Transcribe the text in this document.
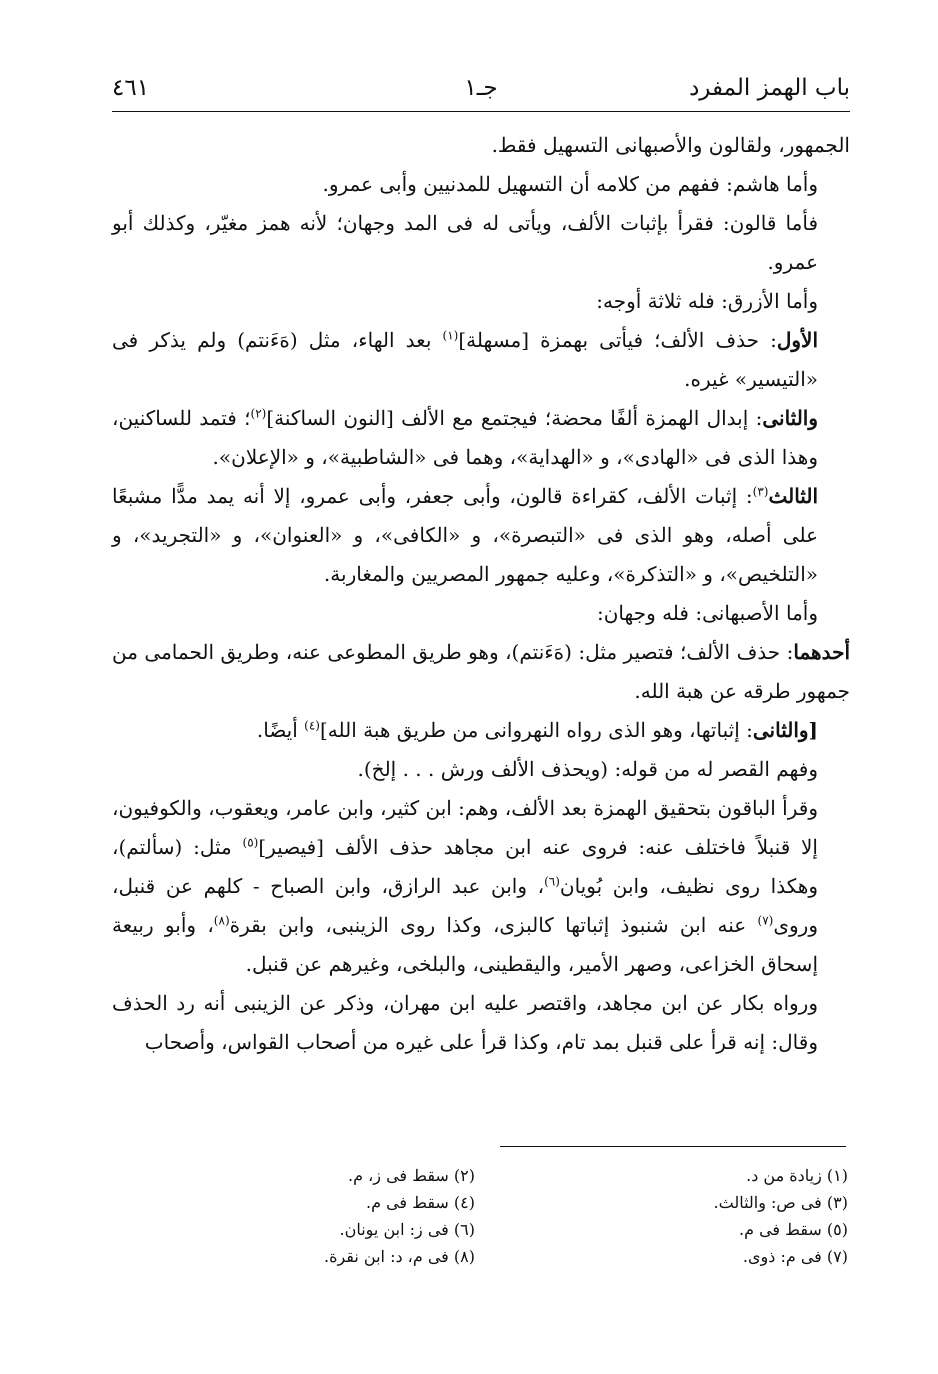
باب الهمز المفرد
جـ١
٤٦١

الجمهور، ولقالون والأصبهانى التسهيل فقط.

وأما هاشم: ففهم من كلامه أن التسهيل للمدنيين وأبى عمرو.

فأما قالون: فقرأ بإثبات الألف، ويأتى له فى المد وجهان؛ لأنه همز مغيّر، وكذلك أبو عمرو.

وأما الأزرق: فله ثلاثة أوجه:

الأول: حذف الألف؛ فيأتى بهمزة [مسهلة]$^{(١)}$ بعد الهاء، مثل (هَءَنتم) ولم يذكر فى «التيسير» غيره.

والثانى: إبدال الهمزة ألفًا محضة؛ فيجتمع مع الألف [النون الساكنة]$^{(٢)}$؛ فتمد للساكنين، وهذا الذى فى «الهادى»، و «الهداية»، وهما فى «الشاطبية»، و «الإعلان».

الثالث$^{(٣)}$: إثبات الألف، كقراءة قالون، وأبى جعفر، وأبى عمرو، إلا أنه يمد مدًّا مشبعًا على أصله، وهو الذى فى «التبصرة»، و «الكافى»، و «العنوان»، و «التجريد»، و «التلخيص»، و «التذكرة»، وعليه جمهور المصريين والمغاربة.

وأما الأصبهانى: فله وجهان:

أحدهما: حذف الألف؛ فتصير مثل: (هَءَنتم)، وهو طريق المطوعى عنه، وطريق الحمامى من جمهور طرقه عن هبة الله.

[والثانى: إثباتها، وهو الذى رواه النهروانى من طريق هبة الله]$^{(٤)}$ أيضًا.

وفهم القصر له من قوله: (ويحذف الألف ورش . . . إلخ).

وقرأ الباقون بتحقيق الهمزة بعد الألف، وهم: ابن كثير، وابن عامر، ويعقوب، والكوفيون، إلا قنبلاً فاختلف عنه: فروى عنه ابن مجاهد حذف الألف [فيصير]$^{(٥)}$ مثل: (سألتم)، وهكذا روى نظيف، وابن بُويان$^{(٦)}$، وابن عبد الرازق، وابن الصباح - كلهم عن قنبل، وروى$^{(٧)}$ عنه ابن شنبوذ إثباتها كالبزى، وكذا روى الزينبى، وابن بقرة$^{(٨)}$، وأبو ربيعة إسحاق الخزاعى، وصهر الأمير، واليقطينى، والبلخى، وغيرهم عن قنبل.

ورواه بكار عن ابن مجاهد، واقتصر عليه ابن مهران، وذكر عن الزينبى أنه رد الحذف وقال: إنه قرأ على قنبل بمد تام، وكذا قرأ على غيره من أصحاب القواس، وأصحاب

(١) زيادة من د.
(٣) فى ص: والثالث.
(٥) سقط فى م.
(٧) فى م: ذوى.
(٢) سقط فى ز، م.
(٤) سقط فى م.
(٦) فى ز: ابن يونان.
(٨) فى م، د: ابن نقرة.
